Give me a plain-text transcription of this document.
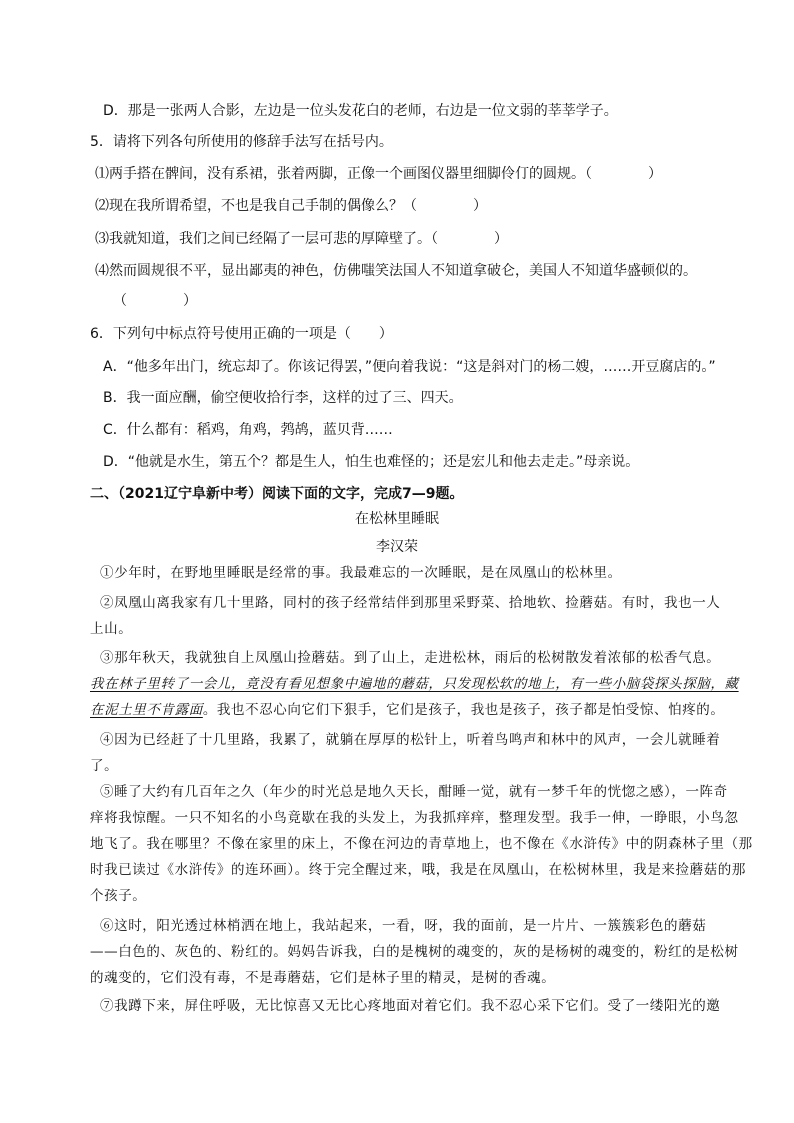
D．那是一张两人合影，左边是一位头发花白的老师，右边是一位文弱的莘莘学子。
5．请将下列各句所使用的修辞手法写在括号内。
⑴两手搭在髀间，没有系裙，张着两脚，正像一个画图仪器里细脚伶仃的圆规。（　　　　）
⑵现在我所谓希望，不也是我自己手制的偶像么？（　　　　）
⑶我就知道，我们之间已经隔了一层可悲的厚障壁了。（　　　　）
⑷然而圆规很不平，显出鄙夷的神色，仿佛嗤笑法国人不知道拿破仑，美国人不知道华盛顿似的。
（　　　　）
6．下列句中标点符号使用正确的一项是（　　）
A．“他多年出门，统忘却了。你该记得罢，”便向着我说：“这是斜对门的杨二嫂，……开豆腐店的。”
B．我一面应酬，偷空便收拾行李，这样的过了三、四天。
C．什么都有：稻鸡，角鸡，鹁鸪，蓝贝背……
D．“他就是水生，第五个？都是生人，怕生也难怪的；还是宏儿和他去走走。”母亲说。
二、（2021辽宁阜新中考）阅读下面的文字，完成7—9题。
在松林里睡眠
李汉荣
①少年时，在野地里睡眠是经常的事。我最难忘的一次睡眠，是在凤凰山的松林里。
②凤凰山离我家有几十里路，同村的孩子经常结伴到那里采野菜、拾地软、捡蘑菇。有时，我也一人
上山。
③那年秋天，我就独自上凤凰山捡蘑菇。到了山上，走进松林，雨后的松树散发着浓郁的松香气息。
我在林子里转了一会儿，竟没有看见想象中遍地的蘑菇，只发现松软的地上，有一些小脑袋探头探脑，藏
在泥土里不肯露面。我也不忍心向它们下狠手，它们是孩子，我也是孩子，孩子都是怕受惊、怕疼的。
④因为已经赶了十几里路，我累了，就躺在厚厚的松针上，听着鸟鸣声和林中的风声，一会儿就睡着
了。
⑤睡了大约有几百年之久（年少的时光总是地久天长，酣睡一觉，就有一梦千年的恍惚之感），一阵奇
痒将我惊醒。一只不知名的小鸟竟歇在我的头发上，为我抓痒痒，整理发型。我手一伸，一睁眼，小鸟忽
地飞了。我在哪里？不像在家里的床上，不像在河边的青草地上，也不像在《水浒传》中的阴森林子里（那
时我已读过《水浒传》的连环画）。终于完全醒过来，哦，我是在凤凰山，在松树林里，我是来捡蘑菇的那
个孩子。
⑥这时，阳光透过林梢洒在地上，我站起来，一看，呀，我的面前，是一片片、一簇簇彩色的蘑菇
——白色的、灰色的、粉红的。妈妈告诉我，白的是槐树的魂变的，灰的是杨树的魂变的，粉红的是松树
的魂变的，它们没有毒，不是毒蘑菇，它们是林子里的精灵，是树的香魂。
⑦我蹲下来，屏住呼吸，无比惊喜又无比心疼地面对着它们。我不忍心采下它们。受了一缕阳光的邀
